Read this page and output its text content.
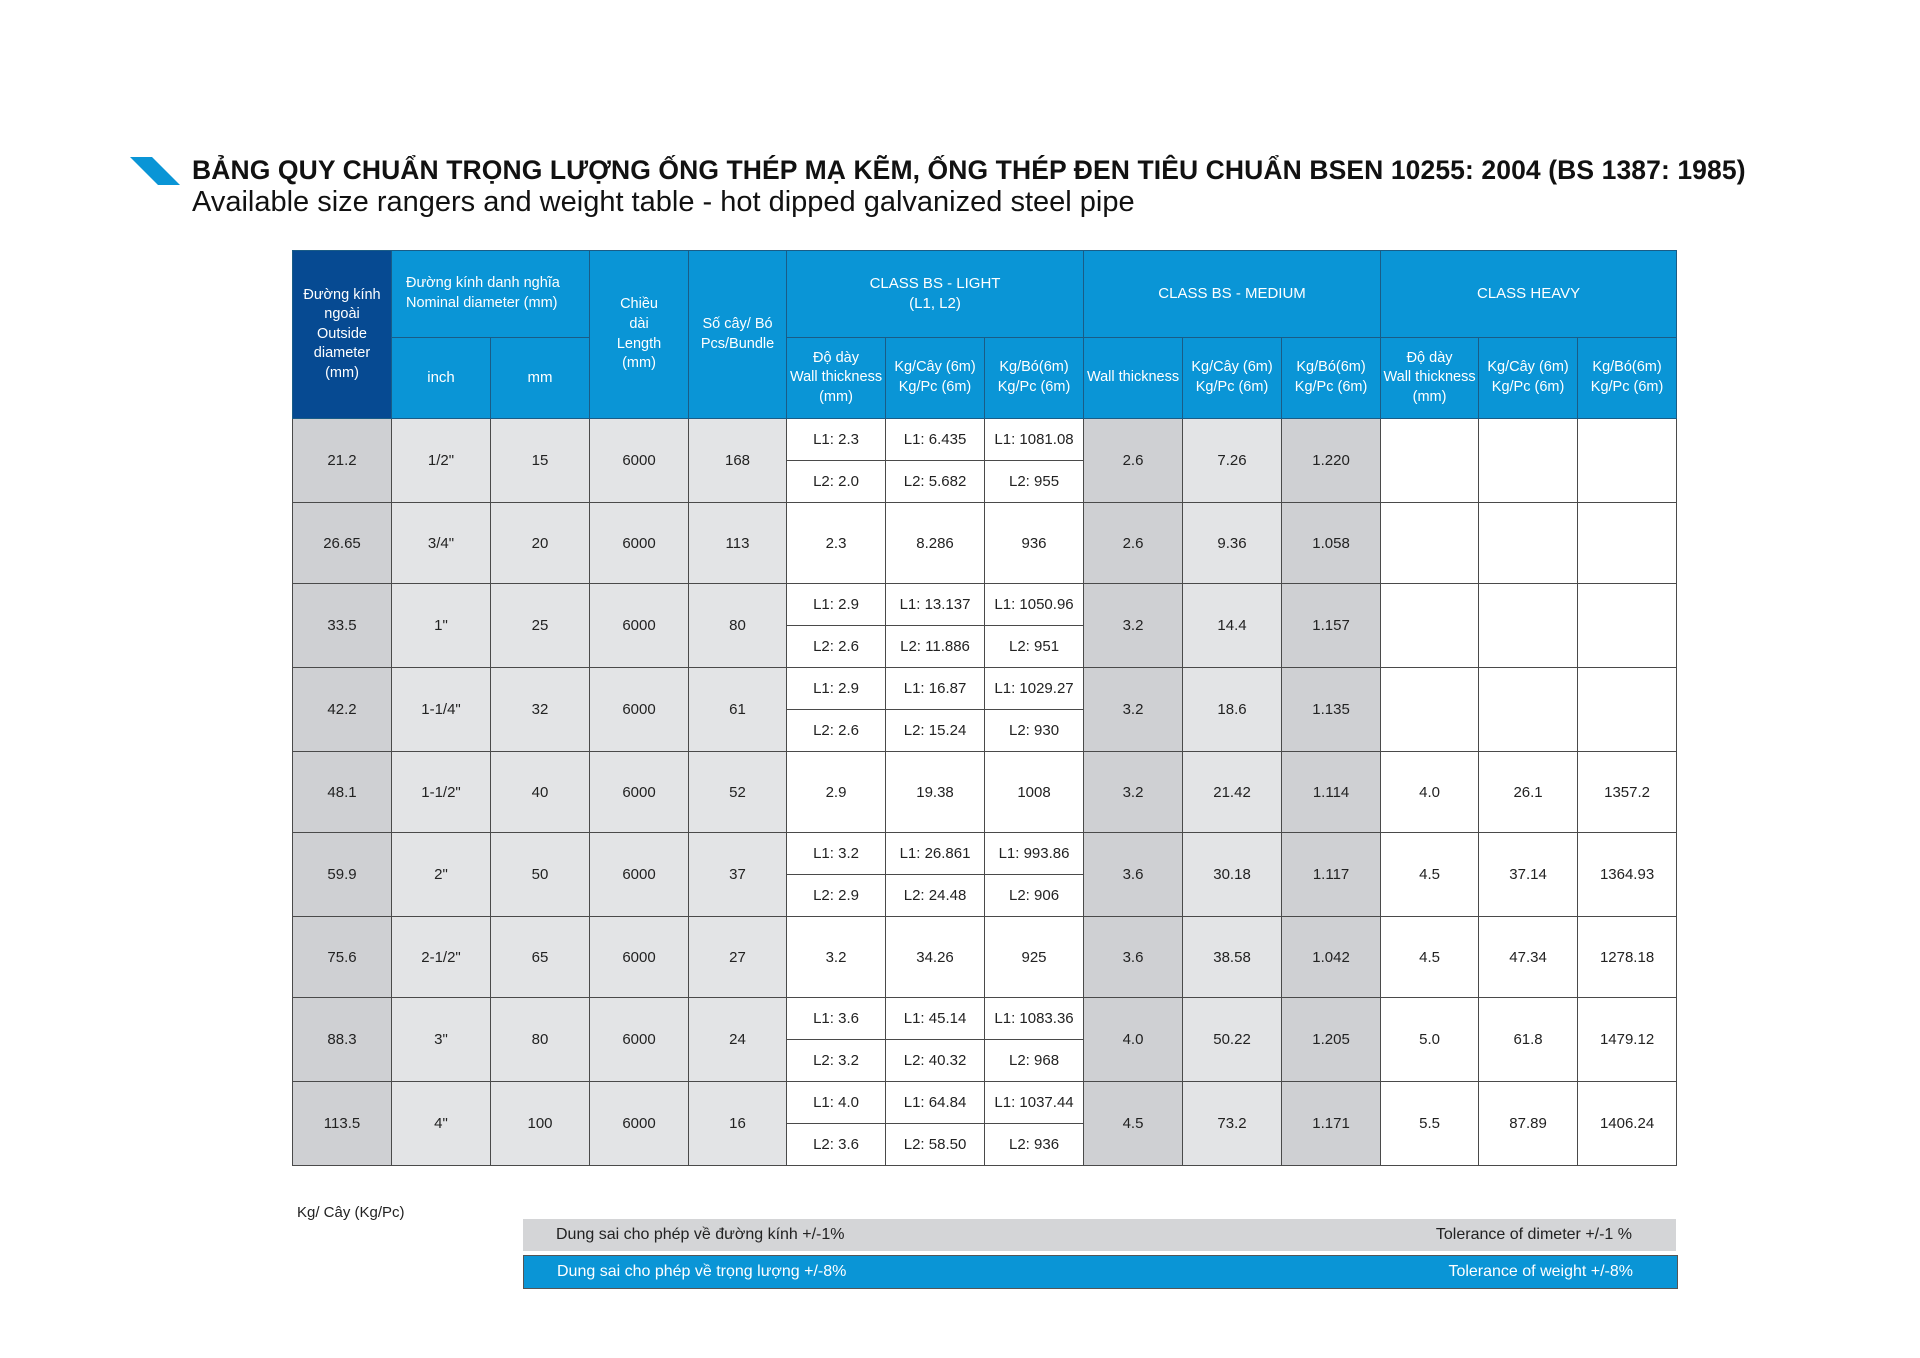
BẢNG QUY CHUẨN TRỌNG LƯỢNG ỐNG THÉP MẠ KẼM, ỐNG THÉP ĐEN TIÊU CHUẨN BSEN 10255: 2004 (BS 1387: 1985)
Available size rangers and weight table - hot dipped galvanized steel pipe
Đường kính
ngoài
Outside
diameter
(mm)	Đường kính danh nghĩa
Nominal diameter (mm)		Chiều
dài
Length
(mm)	Số cây/ Bó
Pcs/Bundle	CLASS BS - LIGHT
(L1, L2)			CLASS BS - MEDIUM			CLASS HEAVY		
	inch	mm			Độ dày
Wall thickness
(mm)	Kg/Cây (6m)
Kg/Pc (6m)	Kg/Bó(6m)
Kg/Pc (6m)	Wall thickness	Kg/Cây (6m)
Kg/Pc (6m)	Kg/Bó(6m)
Kg/Pc (6m)	Độ dày
Wall thickness
(mm)	Kg/Cây (6m)
Kg/Pc (6m)	Kg/Bó(6m)
Kg/Pc (6m)
21.2	1/2"	15	6000	168	L1: 2.3	L1: 6.435	L1: 1081.08	2.6	7.26	1.220			
					L2: 2.0	L2: 5.682	L2: 955						
26.65	3/4"	20	6000	113	2.3	8.286	936	2.6	9.36	1.058			
33.5	1"	25	6000	80	L1: 2.9	L1: 13.137	L1: 1050.96	3.2	14.4	1.157			
					L2: 2.6	L2: 11.886	L2: 951						
42.2	1-1/4"	32	6000	61	L1: 2.9	L1: 16.87	L1: 1029.27	3.2	18.6	1.135			
					L2: 2.6	L2: 15.24	L2: 930						
48.1	1-1/2"	40	6000	52	2.9	19.38	1008	3.2	21.42	1.114	4.0	26.1	1357.2
59.9	2"	50	6000	37	L1: 3.2	L1: 26.861	L1: 993.86	3.6	30.18	1.117	4.5	37.14	1364.93
					L2: 2.9	L2: 24.48	L2: 906						
75.6	2-1/2"	65	6000	27	3.2	34.26	925	3.6	38.58	1.042	4.5	47.34	1278.18
88.3	3"	80	6000	24	L1: 3.6	L1: 45.14	L1: 1083.36	4.0	50.22	1.205	5.0	61.8	1479.12
					L2: 3.2	L2: 40.32	L2: 968						
113.5	4"	100	6000	16	L1: 4.0	L1: 64.84	L1: 1037.44	4.5	73.2	1.171	5.5	87.89	1406.24
					L2: 3.6	L2: 58.50	L2: 936						
Kg/ Cây (Kg/Pc)
Dung sai cho phép về đường kính +/-1%	Tolerance of dimeter +/-1 %
Dung sai cho phép về trọng lượng +/-8%	Tolerance of weight +/-8%
